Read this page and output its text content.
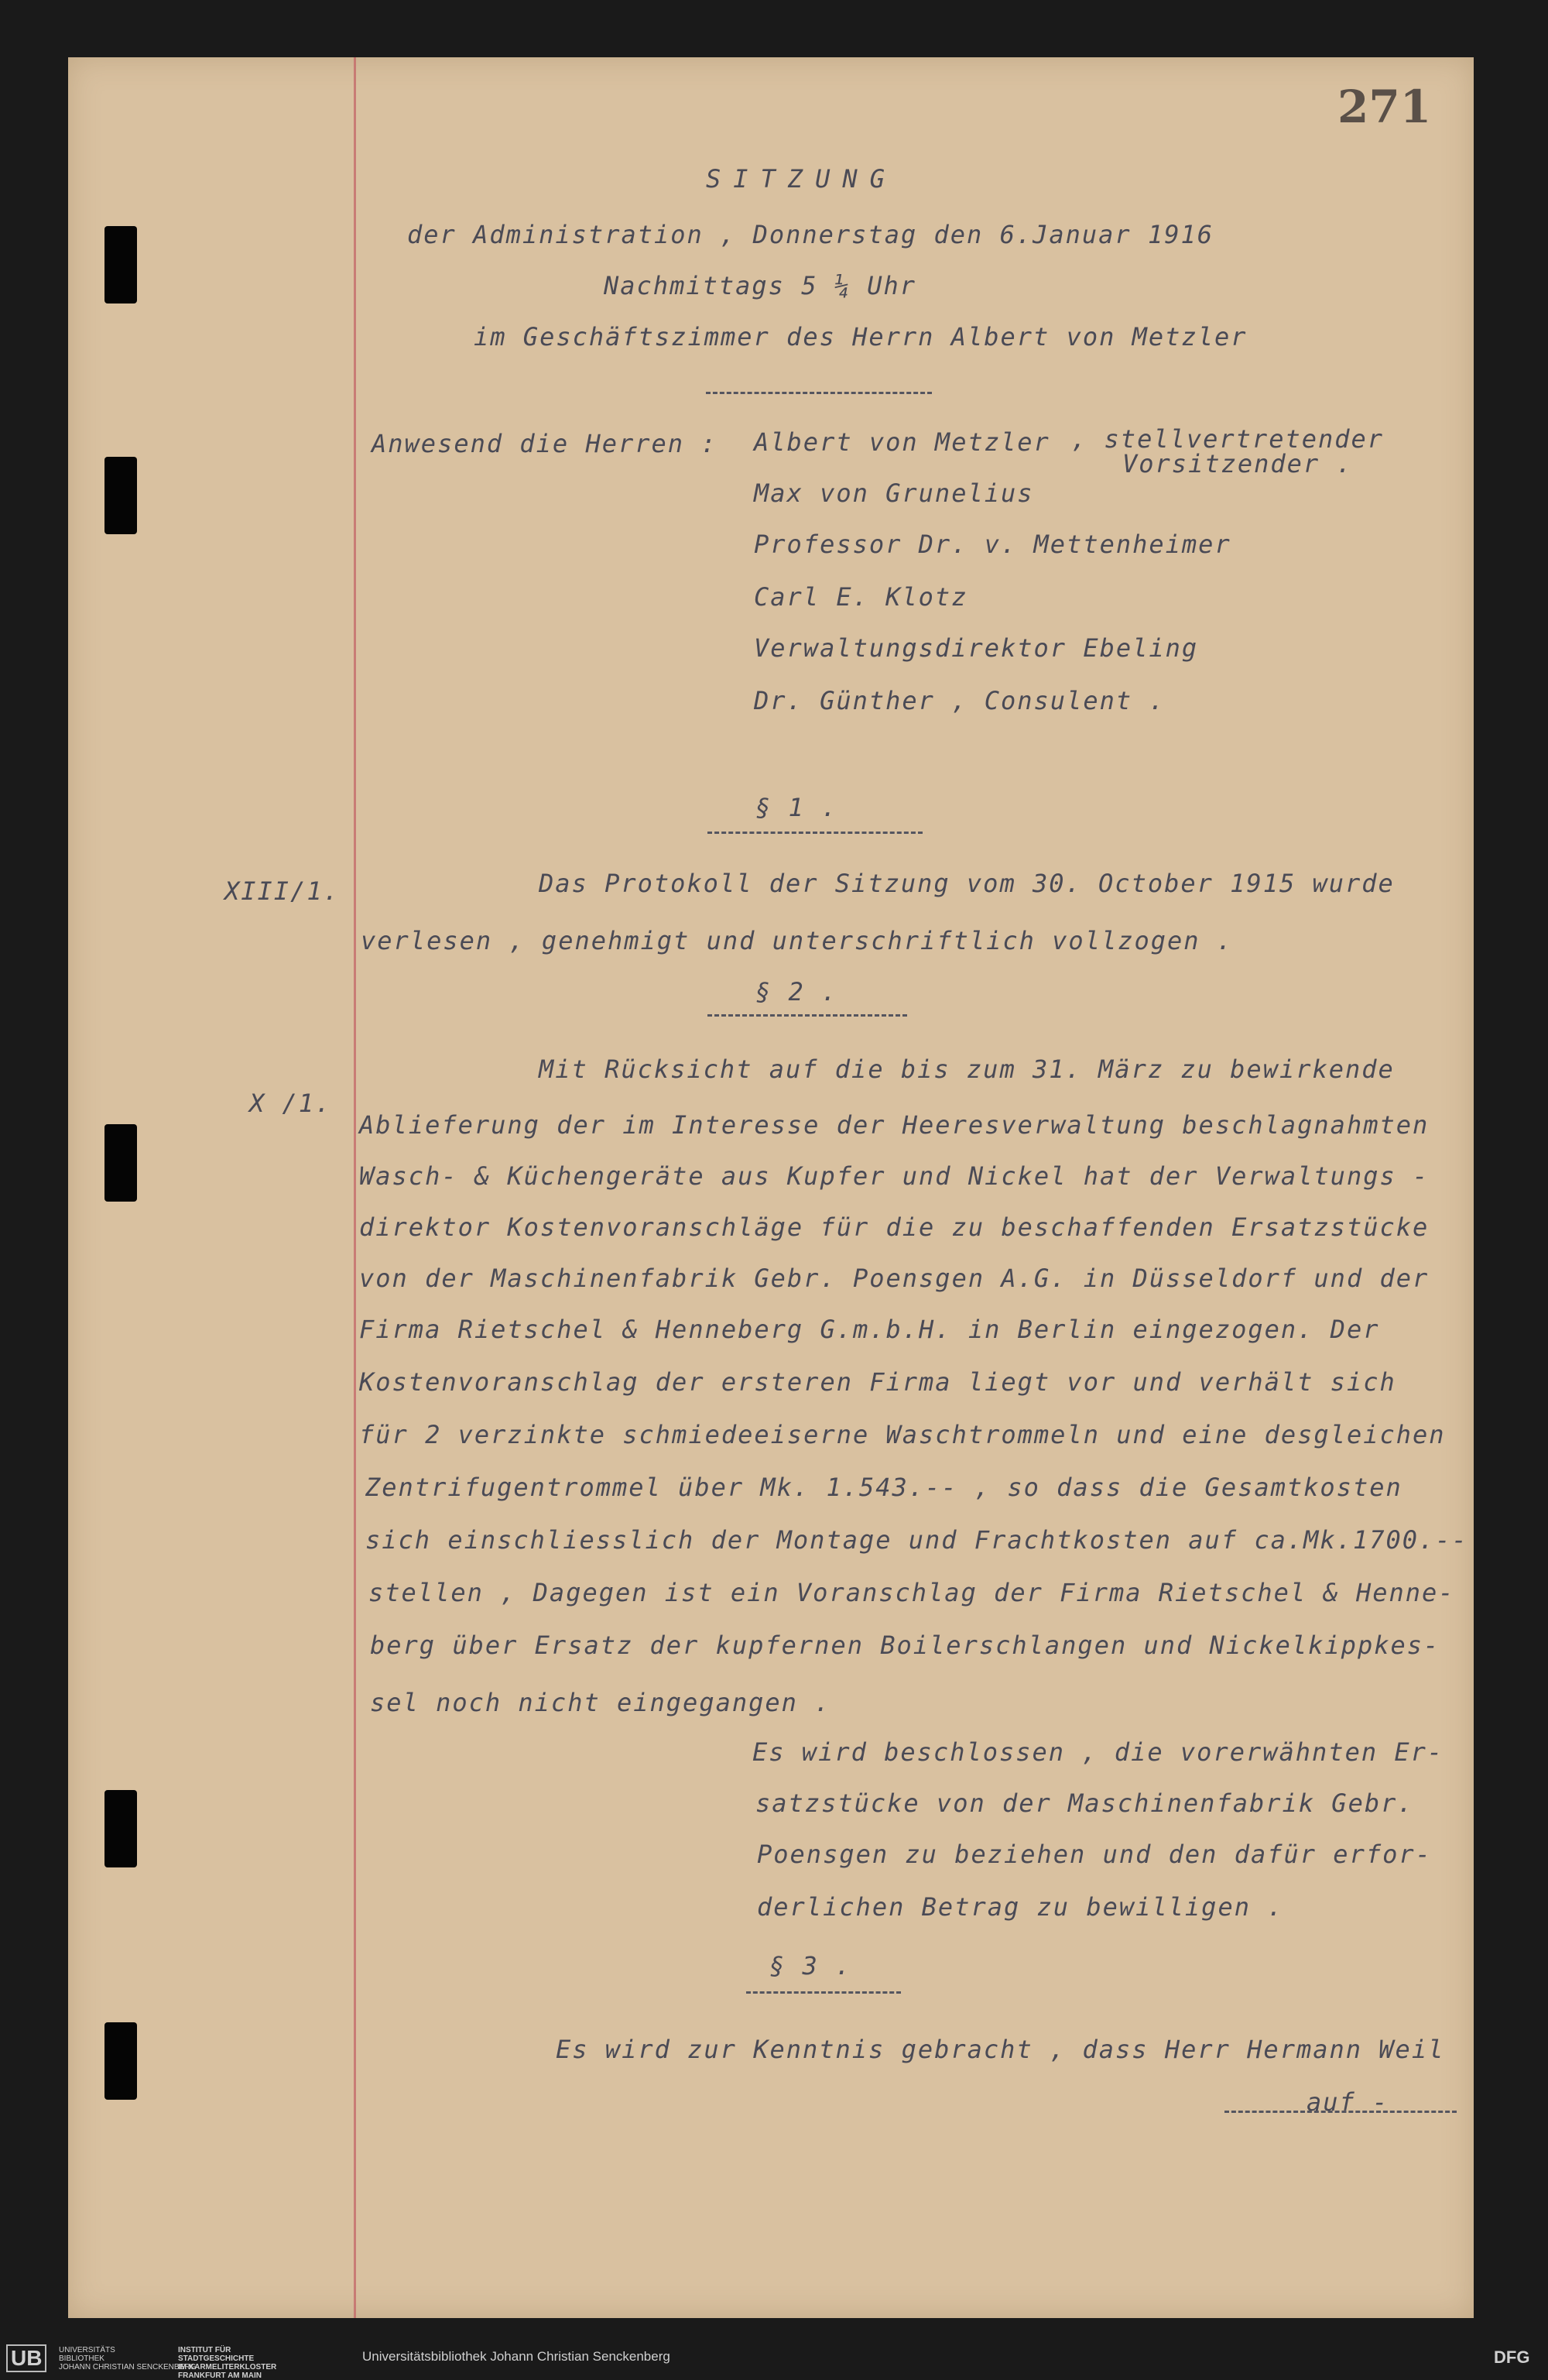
271
SITZUNG
der Administration , Donnerstag den 6.Januar 1916
Nachmittags 5 ¼ Uhr
im Geschäftszimmer des Herrn Albert von Metzler
Anwesend die Herren : Albert von Metzler , stellvertretender
Vorsitzender .
Max von Grunelius
Professor Dr. v. Mettenheimer
Carl E. Klotz
Verwaltungsdirektor Ebeling
Dr. Günther , Consulent .
§ 1 .
XIII/1.	Das Protokoll der Sitzung vom 30. October 1915 wurde
verlesen , genehmigt und unterschriftlich vollzogen .
§ 2 .
X /1.
Mit Rücksicht auf die bis zum 31. März zu bewirkende
Ablieferung der im Interesse der Heeresverwaltung beschlagnahmten
Wasch- & Küchengeräte aus Kupfer und Nickel hat der Verwaltungs -
direktor Kostenvoranschläge für die zu beschaffenden Ersatzstücke
von der Maschinenfabrik Gebr. Poensgen A.G. in Düsseldorf und der
Firma Rietschel & Henneberg G.m.b.H. in Berlin eingezogen. Der
Kostenvoranschlag der ersteren Firma liegt vor und verhält sich
für 2 verzinkte schmiedeeiserne Waschtrommeln und eine desgleichen
Zentrifugentrommel über Mk. 1.543.-- , so dass die Gesamtkosten
sich einschliesslich der Montage und Frachtkosten auf ca.Mk.1700.--
stellen , Dagegen ist ein Voranschlag der Firma Rietschel & Henne-
berg über Ersatz der kupfernen Boilerschlangen und Nickelkippkes-
sel noch nicht eingegangen .
Es wird beschlossen , die vorerwähnten Er-
satzstücke von der Maschinenfabrik Gebr.
Poensgen zu beziehen und den dafür erfor-
derlichen Betrag zu bewilligen .
§ 3 .
Es wird zur Kenntnis gebracht , dass Herr Hermann Weil
auf -
UB	UNIVERSITÄTS
BIBLIOTHEK
JOHANN CHRISTIAN SENCKENBERG
INSTITUT FÜR
STADTGESCHICHTE
IM KARMELITERKLOSTER
FRANKFURT AM MAIN
Universitätsbibliothek Johann Christian Senckenberg	DFG
